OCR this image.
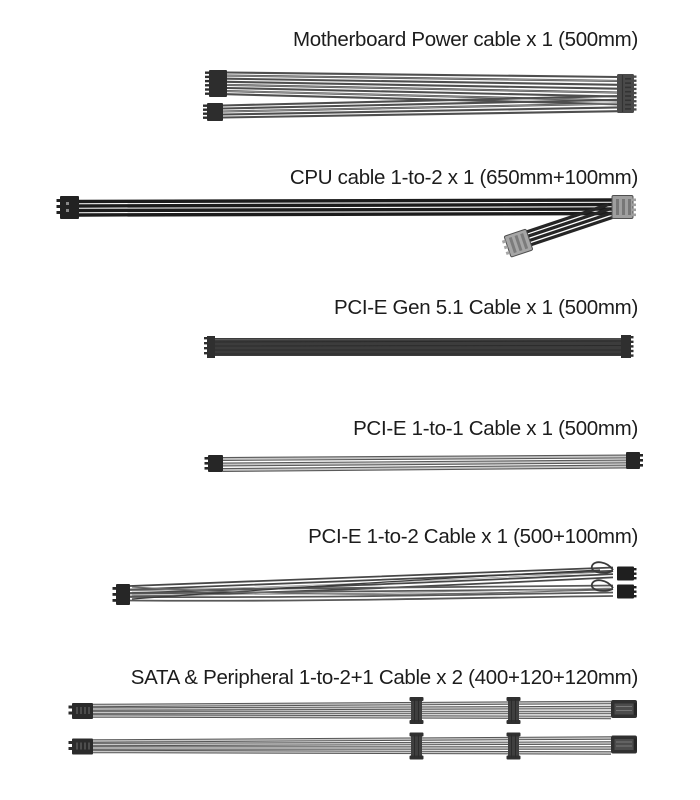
Motherboard Power cable x 1 (500mm)
CPU cable 1-to-2 x 1 (650mm+100mm)
PCI-E Gen 5.1 Cable x 1 (500mm)
PCI-E 1-to-1 Cable x 1 (500mm)
PCI-E 1-to-2 Cable x 1 (500+100mm)
SATA & Peripheral 1-to-2+1 Cable x 2 (400+120+120mm)
